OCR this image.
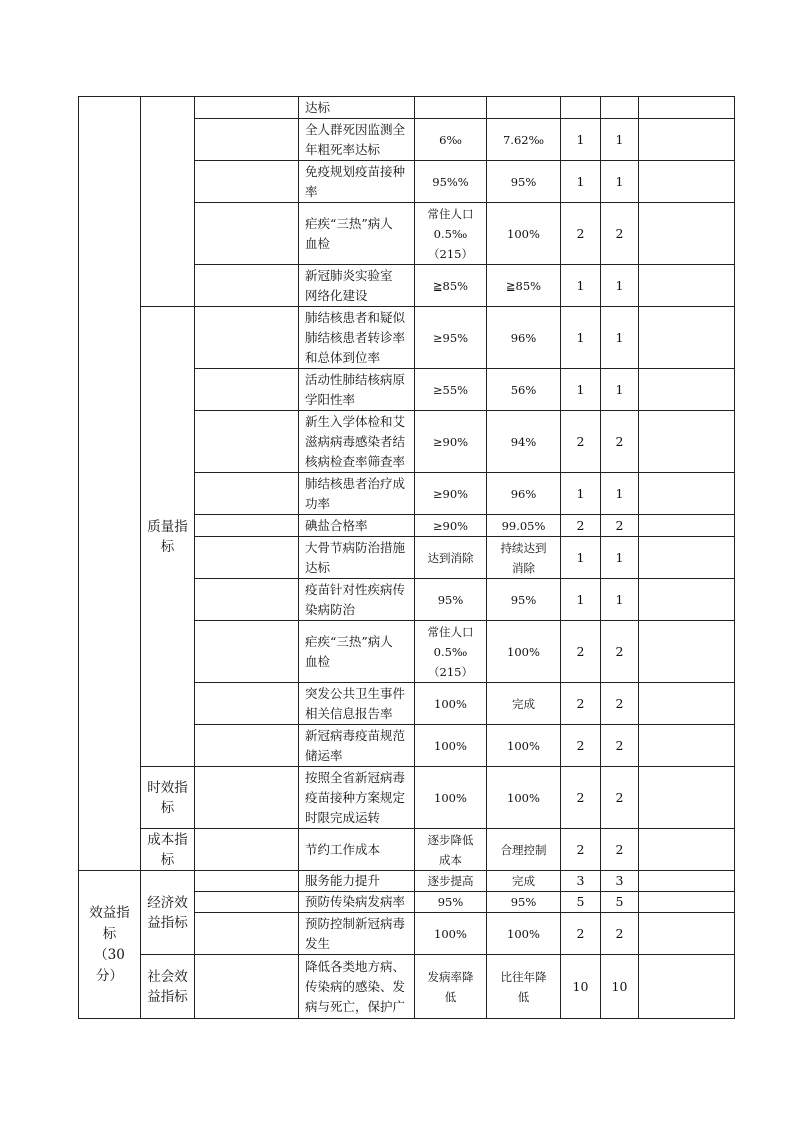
			达标					
			全人群死因监测全
年粗死率达标	6‰	7.62‰	1	1	
			免疫规划疫苗接种
率	95%%	95%	1	1	
			疟疾“三热”病人
血检	常住人口
0.5‰
（215）	100%	2	2	
			新冠肺炎实验室
网络化建设	≧85%	≧85%	1	1	
	质量指标		肺结核患者和疑似
肺结核患者转诊率
和总体到位率	≥95%	96%	1	1	
			活动性肺结核病原
学阳性率	≥55%	56%	1	1	
			新生入学体检和艾
滋病病毒感染者结
核病检查率筛查率	≥90%	94%	2	2	
			肺结核患者治疗成
功率	≥90%	96%	1	1	
			碘盐合格率	≥90%	99.05%	2	2	
			大骨节病防治措施
达标	达到消除	持续达到
消除	1	1	
			疫苗针对性疾病传
染病防治	95%	95%	1	1	
			疟疾“三热”病人
血检	常住人口
0.5‰
（215）	100%	2	2	
			突发公共卫生事件
相关信息报告率	100%	完成	2	2	
			新冠病毒疫苗规范
储运率	100%	100%	2	2	
	时效指标		按照全省新冠病毒
疫苗接种方案规定
时限完成运转	100%	100%	2	2	
	成本指标		节约工作成本	逐步降低
成本	合理控制	2	2	
效益指
标
（30
分）	经济效益指标		服务能力提升	逐步提高	完成	3	3	
			预防传染病发病率	95%	95%	5	5	
			预防控制新冠病毒
发生	100%	100%	2	2	
	社会效益指标		降低各类地方病、
传染病的感染、发
病与死亡，保护广	发病率降
低	比往年降
低	10	10	
